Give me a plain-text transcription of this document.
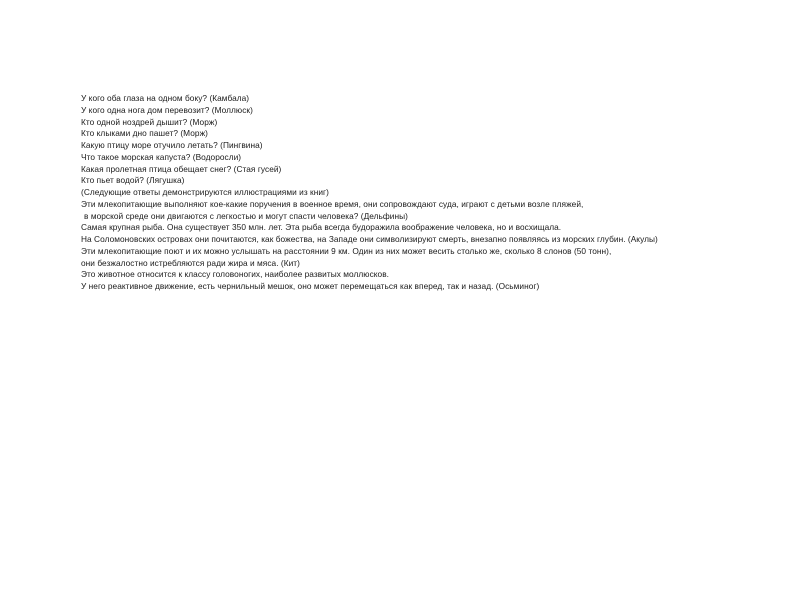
У кого оба глаза на одном боку? (Камбала)
У кого одна нога дом перевозит? (Моллюск)
Кто одной ноздрей дышит? (Морж)
Кто клыками дно пашет? (Морж)
Какую птицу море отучило летать? (Пингвина)
Что такое морская капуста? (Водоросли)
Какая пролетная птица обещает снег? (Стая гусей)
Кто пьет водой? (Лягушка)
(Следующие ответы демонстрируются иллюстрациями из книг)
Эти млекопитающие выполняют кое-какие поручения в военное время, они сопровождают суда, играют с детьми возле пляжей,
в морской среде они двигаются с легкостью и могут спасти человека? (Дельфины)
Самая крупная рыба. Она существует 350 млн. лет. Эта рыба всегда будоражила воображение человека, но и восхищала.
На Соломоновских островах они почитаются, как божества, на Западе они символизируют смерть, внезапно появляясь из морских глубин. (Акулы)
Эти млекопитающие поют и их можно услышать на расстоянии 9 км. Один из них может весить столько же, сколько 8 слонов (50 тонн),
они безжалостно истребляются ради жира и мяса. (Кит)
Это животное относится к классу головоногих, наиболее развитых моллюсков.
У него реактивное движение, есть чернильный мешок, оно может перемещаться как вперед, так и назад. (Осьминог)
